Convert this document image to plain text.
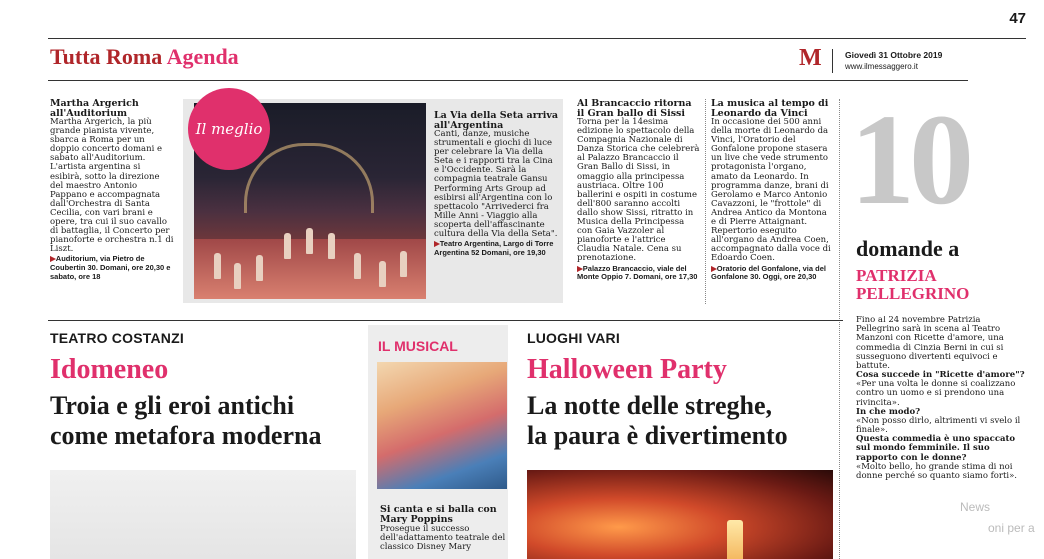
47
Tutta Roma Agenda	M	Giovedì 31 Ottobre 2019
www.ilmessaggero.it
Martha Argerich all'Auditorium
Martha Argerich, la più grande pianista vivente, sbarca a Roma per un doppio concerto domani e sabato all'Auditorium. L'artista argentina si esibirà, sotto la direzione del maestro Antonio Pappano e accompagnata dall'Orchestra di Santa Cecilia, con vari brani e opere, tra cui il suo cavallo di battaglia, il Concerto per pianoforte e orchestra n.1 di Liszt.
▶Auditorium, via Pietro de Coubertin 30. Domani, ore 20,30 e sabato, ore 18
Il meglio
La Via della Seta arriva all'Argentina
Canti, danze, musiche strumentali e giochi di luce per celebrare la Via della Seta e i rapporti tra la Cina e l'Occidente. Sarà la compagnia teatrale Gansu Performing Arts Group ad esibirsi all'Argentina con lo spettacolo "Arrivederci fra Mille Anni - Viaggio alla scoperta dell'affascinante cultura della Via della Seta".
▶Teatro Argentina, Largo di Torre Argentina 52 Domani, ore 19,30
Al Brancaccio ritorna il Gran ballo di Sissi
Torna per la 14esima edizione lo spettacolo della Compagnia Nazionale di Danza Storica che celebrerà al Palazzo Brancaccio il Gran Ballo di Sissi, in omaggio alla principessa austriaca. Oltre 100 ballerini e ospiti in costume dell'800 saranno accolti dallo show Sissi, ritratto in Musica della Principessa con Gaia Vazzoler al pianoforte e l'attrice Claudia Natale. Cena su prenotazione.
▶Palazzo Brancaccio, viale del Monte Oppio 7. Domani, ore 17,30
La musica al tempo di Leonardo da Vinci
In occasione dei 500 anni della morte di Leonardo da Vinci, l'Oratorio del Gonfalone propone stasera un live che vede strumento protagonista l'organo, amato da Leonardo. In programma danze, brani di Gerolamo e Marco Antonio Cavazzoni, le "frottole" di Andrea Antico da Montona e di Pierre Attaignant. Repertorio eseguito all'organo da Andrea Coen, accompagnato dalla voce di Edoardo Coen.
▶Oratorio del Gonfalone, via del Gonfalone 30. Oggi, ore 20,30
10
domande a
PATRIZIA
PELLEGRINO
Fino al 24 novembre Patrizia Pellegrino sarà in scena al Teatro Manzoni con Ricette d'amore, una commedia di Cinzia Berni in cui si susseguono divertenti equivoci e battute.
Cosa succede in "Ricette d'amore"?
«Per una volta le donne si coalizzano contro un uomo e si prendono una rivincita».
In che modo?
«Non posso dirlo, altrimenti vi svelo il finale».
Questa commedia è uno spaccato sul mondo femminile. Il suo rapporto con le donne?
«Molto bello, ho grande stima di noi donne perché so quanto siamo forti».
TEATRO COSTANZI
Idomeneo
Troia e gli eroi antichi
come metafora moderna
IL MUSICAL
Si canta e si balla con Mary Poppins
Prosegue il successo dell'adattamento teatrale del classico Disney Mary
LUOGHI VARI
Halloween Party
La notte delle streghe,
la paura è divertimento
News
oni per a
